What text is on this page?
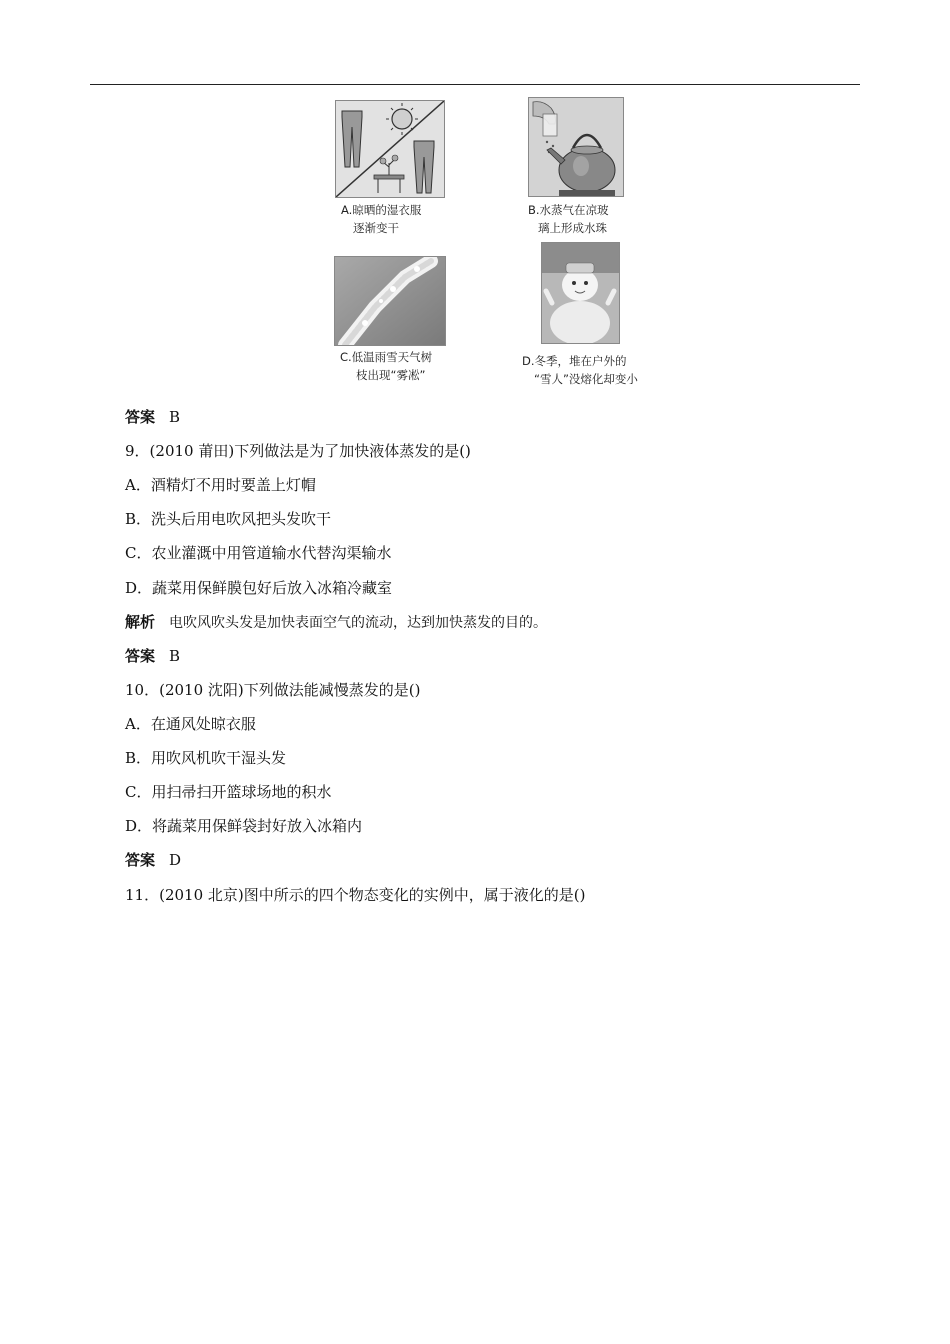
A.晾晒的湿衣服
逐渐变干
B.水蒸气在凉玻
璃上形成水珠
C.低温雨雪天气树
枝出现“雾凇”
D.冬季，堆在户外的
“雪人”没熔化却变小
答案 B
9．(2010 莆田)下列做法是为了加快液体蒸发的是()
A．酒精灯不用时要盖上灯帽
B．洗头后用电吹风把头发吹干
C．农业灌溉中用管道输水代替沟渠输水
D．蔬菜用保鲜膜包好后放入冰箱冷藏室
解析 电吹风吹头发是加快表面空气的流动，达到加快蒸发的目的。
答案 B
10．(2010 沈阳)下列做法能减慢蒸发的是()
A．在通风处晾衣服
B．用吹风机吹干湿头发
C．用扫帚扫开篮球场地的积水
D．将蔬菜用保鲜袋封好放入冰箱内
答案 D
11．(2010 北京)图中所示的四个物态变化的实例中，属于液化的是()
